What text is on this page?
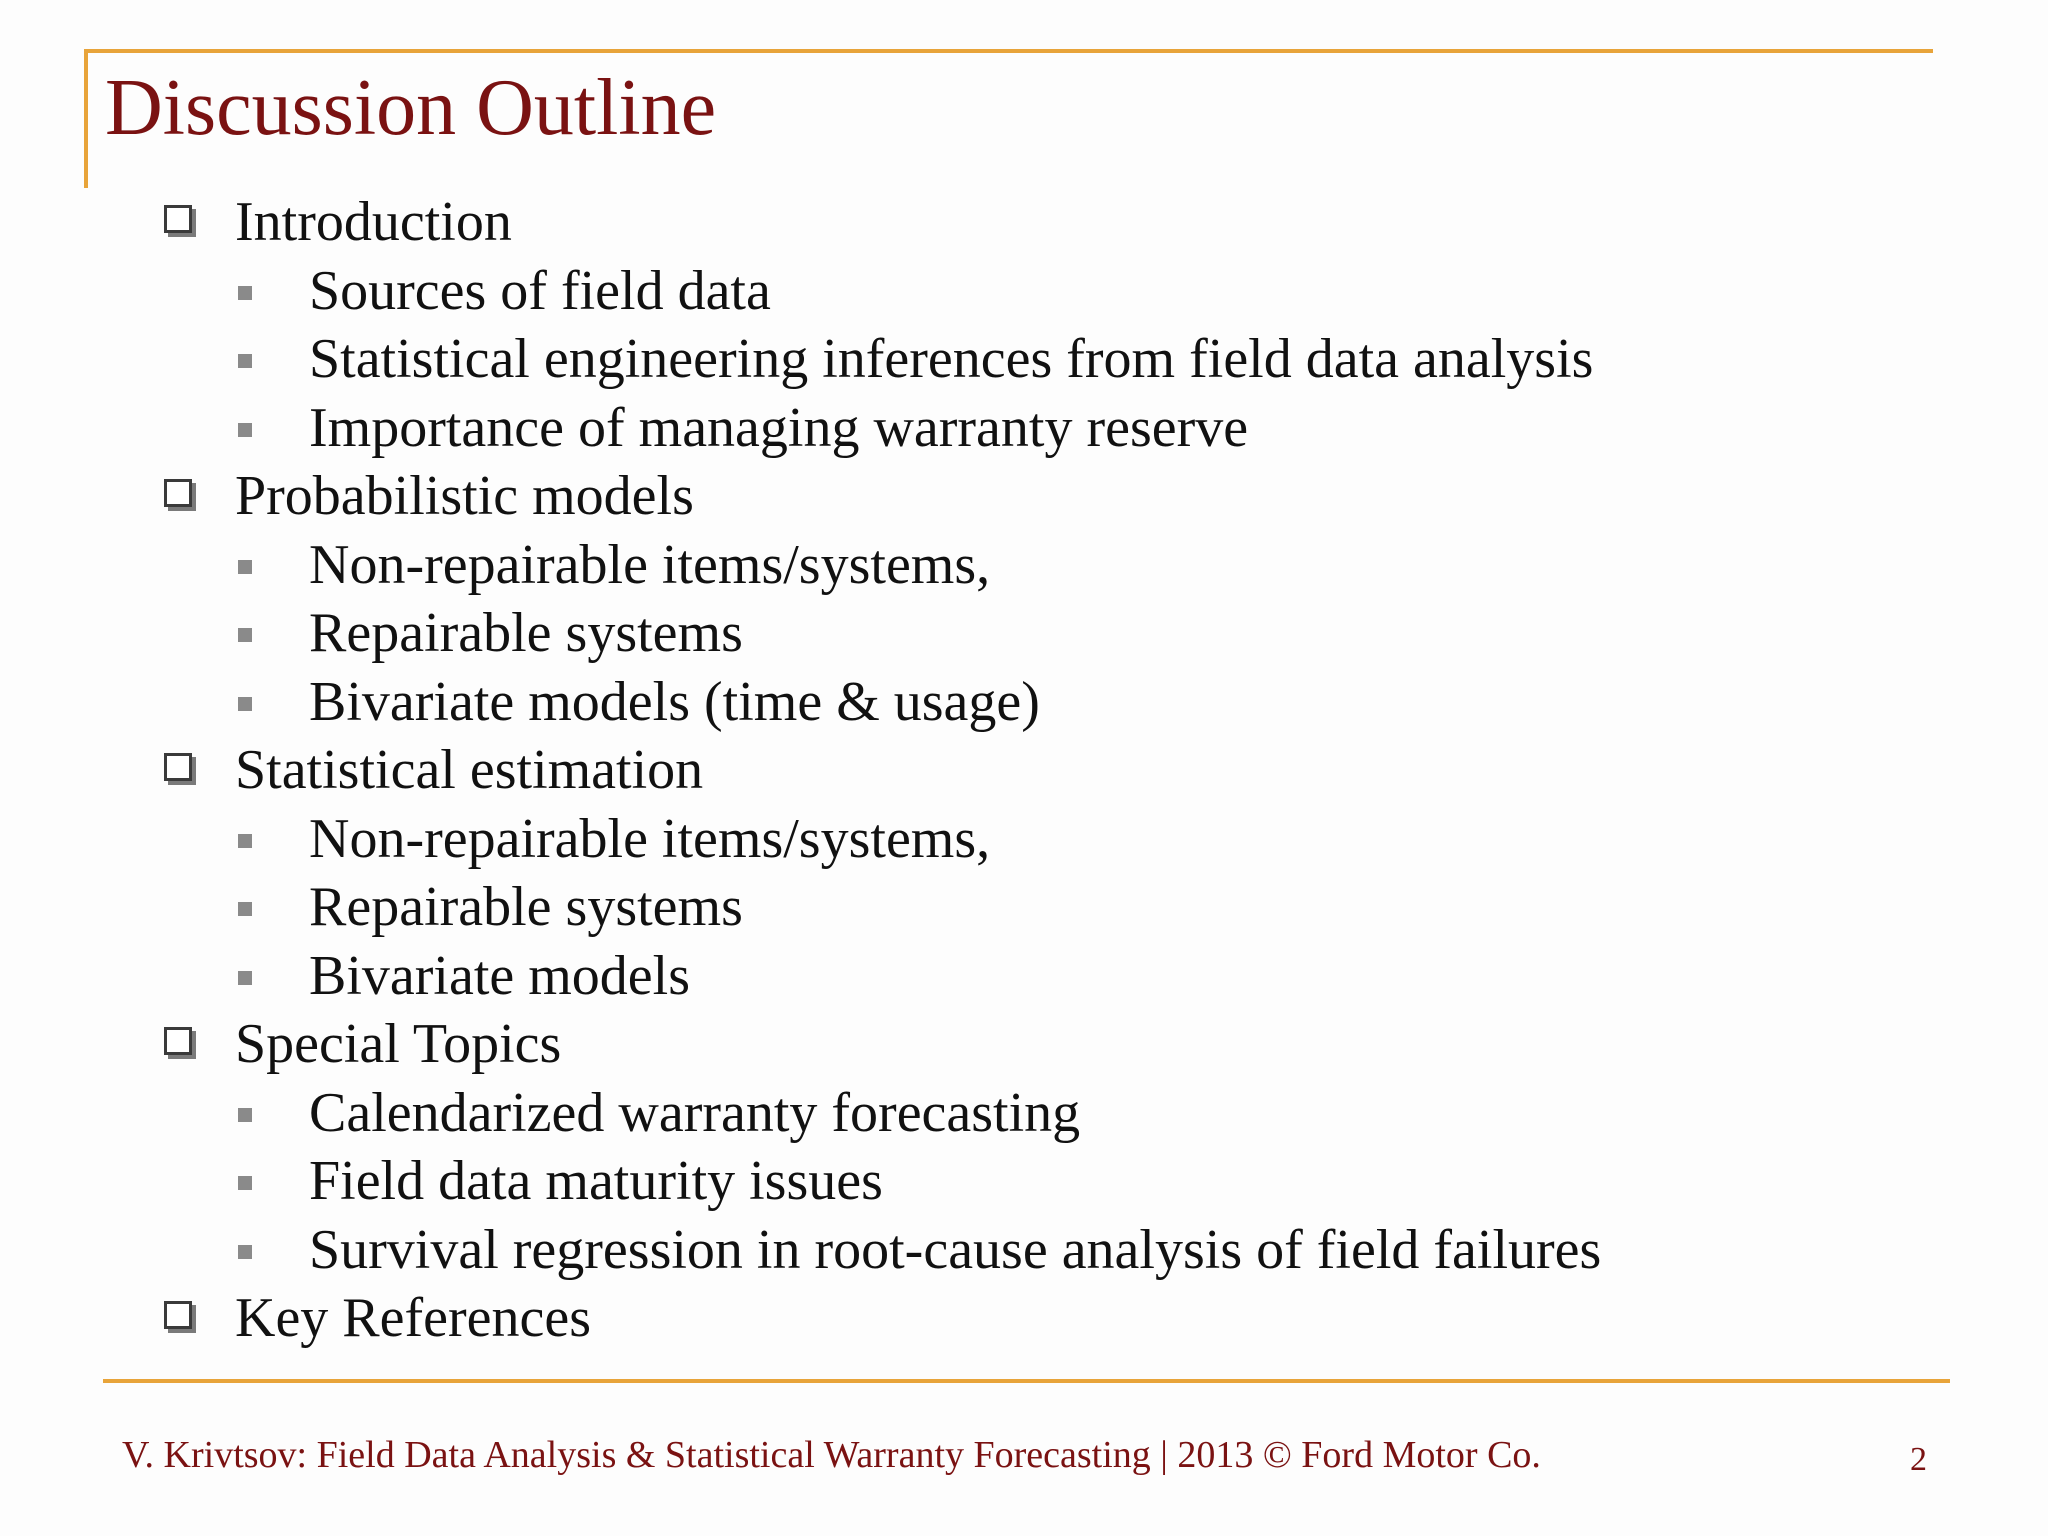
Discussion Outline
Introduction
Sources of field data
Statistical engineering inferences from field data analysis
Importance of managing warranty reserve
Probabilistic models
Non-repairable items/systems,
Repairable systems
Bivariate models (time & usage)
Statistical estimation
Non-repairable items/systems,
Repairable systems
Bivariate models
Special Topics
Calendarized warranty forecasting
Field data maturity issues
Survival regression in root-cause analysis of field failures
Key References
V. Krivtsov: Field Data Analysis & Statistical Warranty Forecasting | 2013 © Ford Motor Co.	2
